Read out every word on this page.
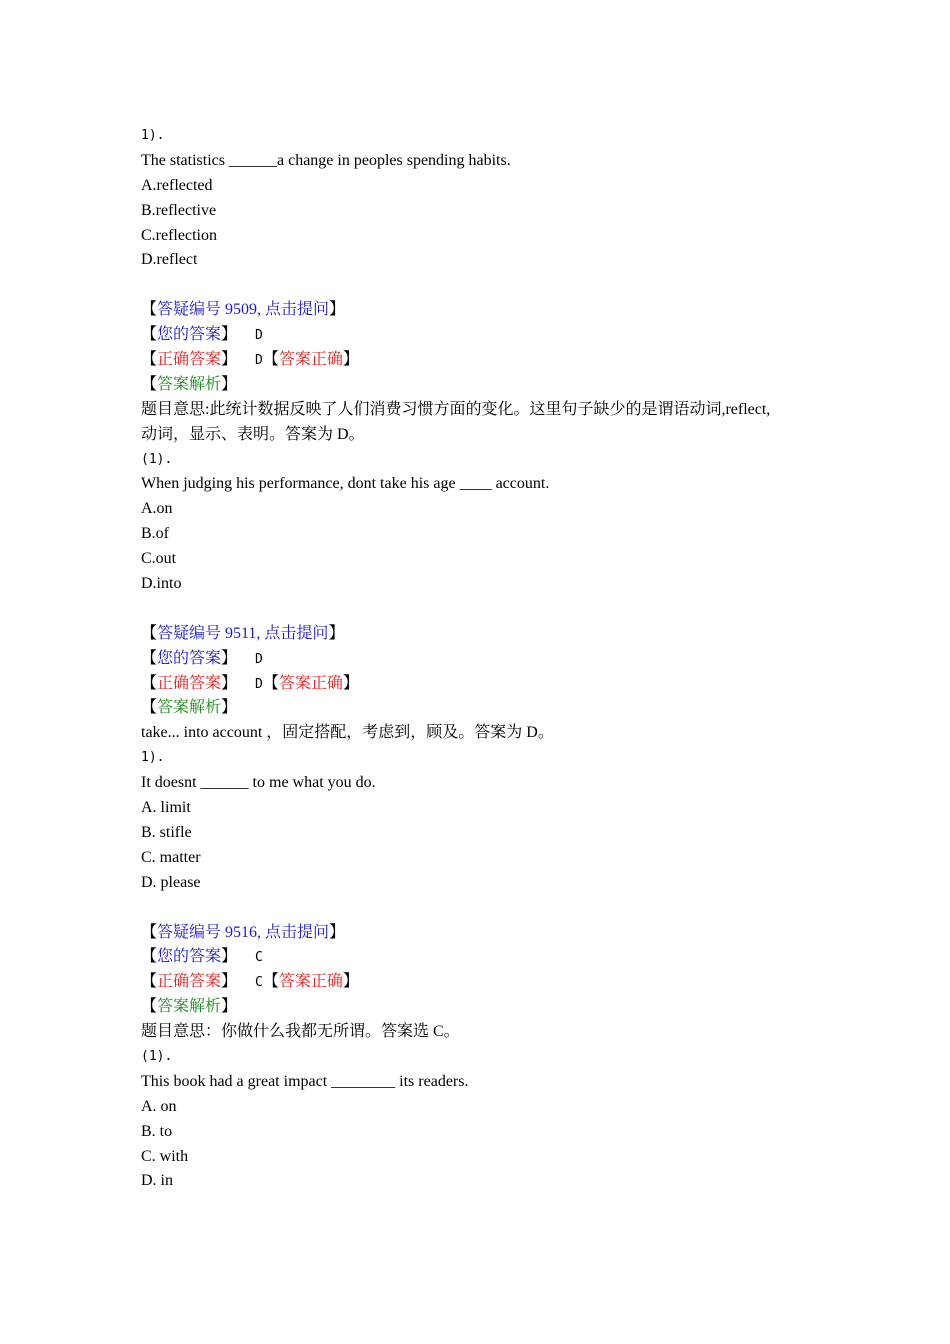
1).
The statistics ______a change in peoples spending habits.
A.reflected
B.reflective
C.reflection
D.reflect
【答疑编号 9509, 点击提问】
【您的答案】 D
【正确答案】 D【答案正确】
【答案解析】
题目意思:此统计数据反映了人们消费习惯方面的变化。这里句子缺少的是谓语动词,reflect,
动词，显示、表明。答案为 D。
(1).
When judging his performance, dont take his age ____ account.
A.on
B.of
C.out
D.into
【答疑编号 9511, 点击提问】
【您的答案】 D
【正确答案】 D【答案正确】
【答案解析】
take... into account ，固定搭配，考虑到，顾及。答案为 D。
1).
It doesnt ______ to me what you do.
A. limit
B. stifle
C. matter
D. please
【答疑编号 9516, 点击提问】
【您的答案】 C
【正确答案】 C【答案正确】
【答案解析】
题目意思：你做什么我都无所谓。答案选 C。
(1).
This book had a great impact ________ its readers.
A. on
B. to
C. with
D. in
